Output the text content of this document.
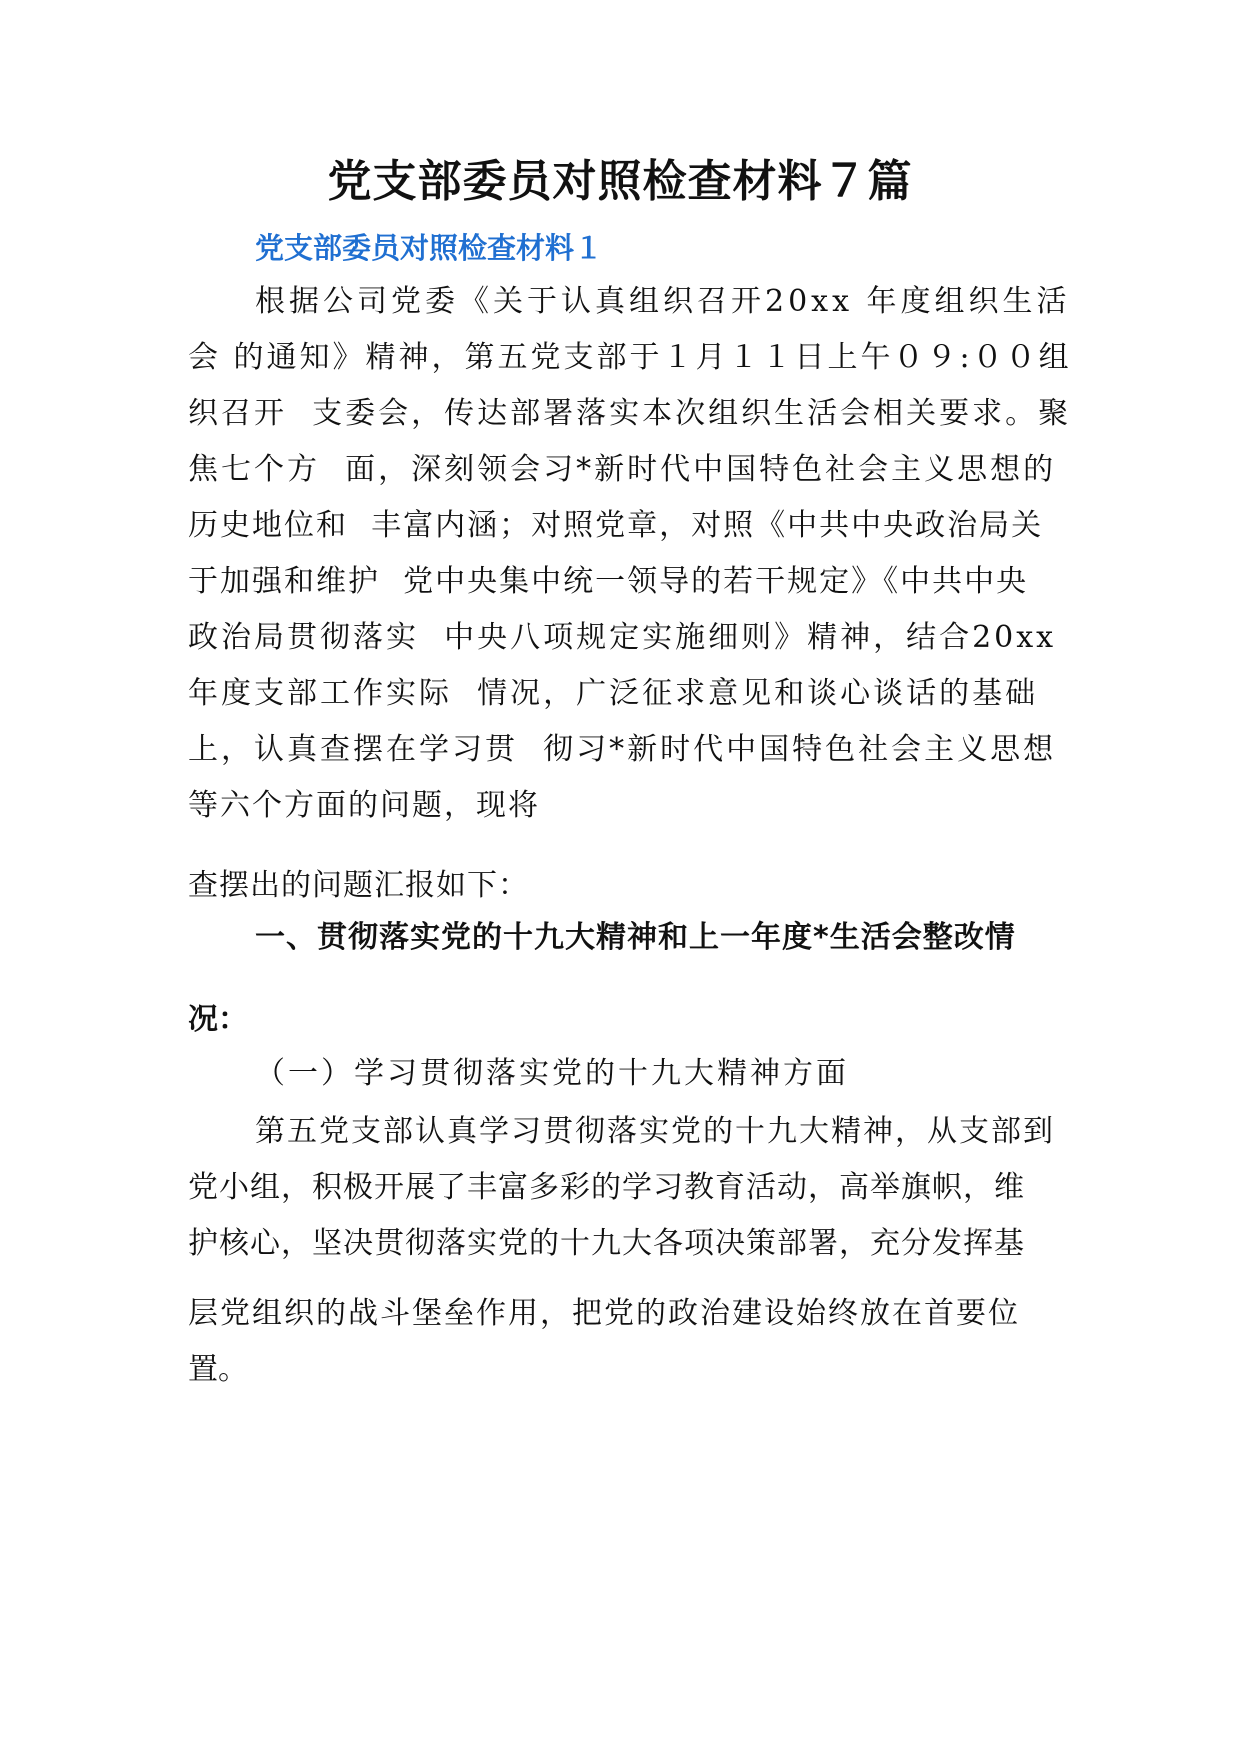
党支部委员对照检查材料７篇
党支部委员对照检查材料１
根据公司党委《关于认真组织召开20xx 年度组织生活
会 的通知》精神，第五党支部于１月１１日上午０９:００组
织召开  支委会，传达部署落实本次组织生活会相关要求。聚
焦七个方  面，深刻领会习*新时代中国特色社会主义思想的
历史地位和  丰富内涵；对照党章，对照《中共中央政治局关
于加强和维护  党中央集中统一领导的若干规定》《中共中央
政治局贯彻落实  中央八项规定实施细则》精神，结合20xx
年度支部工作实际  情况，广泛征求意见和谈心谈话的基础
上，认真查摆在学习贯  彻习*新时代中国特色社会主义思想
等六个方面的问题，现将
查摆出的问题汇报如下：
一、贯彻落实党的十九大精神和上一年度*生活会整改情
况：
（一）学习贯彻落实党的十九大精神方面
第五党支部认真学习贯彻落实党的十九大精神，从支部到
党小组，积极开展了丰富多彩的学习教育活动，高举旗帜，维
护核心，坚决贯彻落实党的十九大各项决策部署，充分发挥基
层党组织的战斗堡垒作用，把党的政治建设始终放在首要位
置。
